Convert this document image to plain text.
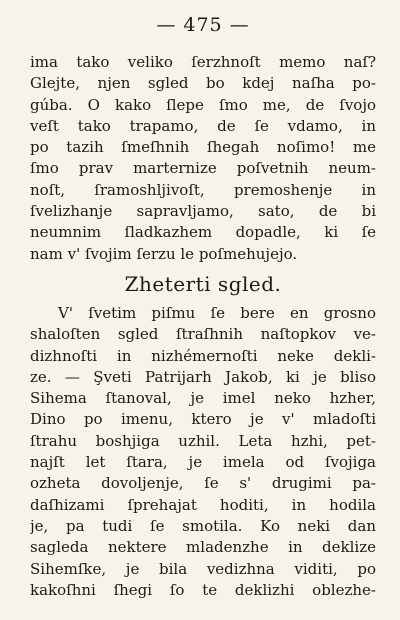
— 475 —
ima tako veliko ſerzhnoſt memo naſ?
Glejte, njen sgled bo kdej naſha po-
gúba. O kako ſlepe ſmo me, de ſvojo
veſt tako trapamo, de ſe vdamo, in
po tazih ſmeſhnih ſhegah noſimo! me
ſmo prav marternize poſvetnih neum-
noſt, ſramoshljivoſt, premoshenje in
ſvelizhanje sapravljamo, sato, de bi
neumnim ſladkazhem dopadle, ki ſe
nam v' ſvojim ſerzu le poſmehujejo.
Zheterti sgled.
V' ſvetim piſmu ſe bere en grosno
shaloſten sgled ſtraſhnih naſtopkov ve-
dizhnoſti in nizhémernoſti neke dekli-
ze. — Şveti Patrijarh Jakob, ki je bliso
Sihema ſtanoval, je imel neko hzher,
Dino po imenu, ktero je v' mladoſti
ſtrahu boshjiga uzhil. Leta hzhi, pet-
najſt let ſtara, je imela od ſvojiga
ozheta dovoljenje, ſe s' drugimi pa-
daſhizami ſprehajat hoditi, in hodila
je, pa tudi ſe smotila. Ko neki dan
sagleda nektere mladenzhe in deklize
Sihemſke, je bila vedizhna viditi, po
kakoſhni ſhegi ſo te deklizhi oblezhe-
